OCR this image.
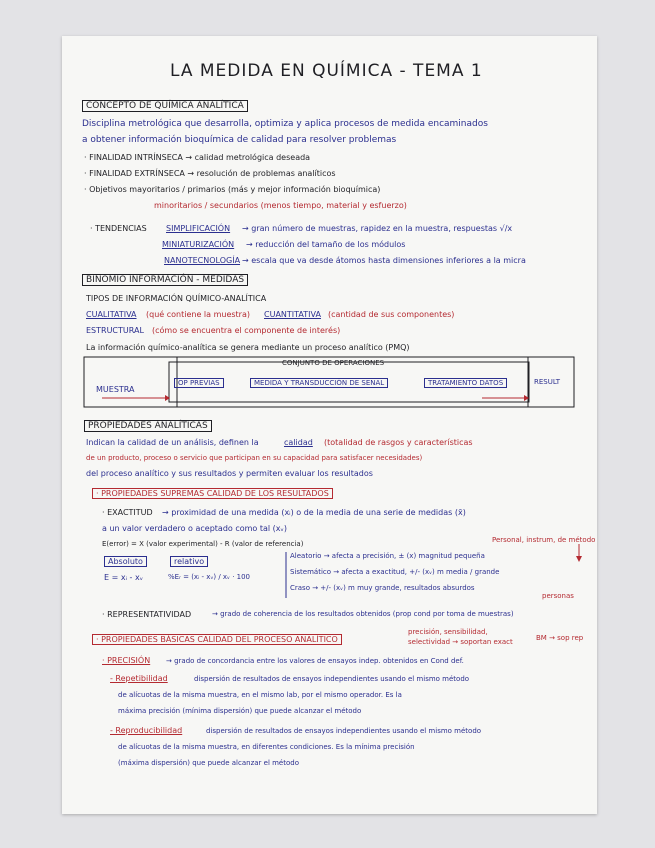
LA MEDIDA EN QUÍMICA - TEMA 1
CONCEPTO DE QUÍMICA ANALÍTICA
Disciplina metrológica que desarrolla, optimiza y aplica procesos de medida encaminados
a obtener información bioquímica de calidad para resolver problemas
· FINALIDAD INTRÍNSECA → calidad metrológica deseada
· FINALIDAD EXTRÍNSECA → resolución de problemas analíticos
· Objetivos mayoritarios / primarios (más y mejor información bioquímica)
minoritarios / secundarios (menos tiempo, material y esfuerzo)
· TENDENCIAS SIMPLIFICACIÓN → gran número de muestras, rapidez en la muestra, respuestas √/x
MINIATURIZACIÓN → reducción del tamaño de los módulos
NANOTECNOLOGÍA → escala que va desde átomos hasta dimensiones inferiores a la micra
BINOMIO INFORMACIÓN - MEDIDAS
TIPOS DE INFORMACIÓN QUÍMICO-ANALÍTICA
CUALITATIVA (qué contiene la muestra) CUANTITATIVA (cantidad de sus componentes)
ESTRUCTURAL (cómo se encuentra el componente de interés)
La información químico-analítica se genera mediante un proceso analítico (PMQ)
CONJUNTO DE OPERACIONES
MUESTRA
OP PREVIAS	MEDIDA Y TRANSDUCCIÓN DE SEÑAL	TRATAMIENTO DATOS	RESULT
PROPIEDADES ANALÍTICAS
Indican la calidad de un análisis, definen la	calidad (totalidad de rasgos y características
de un producto, proceso o servicio que participan en su capacidad para satisfacer necesidades)
del proceso analítico y sus resultados y permiten evaluar los resultados
· PROPIEDADES SUPREMAS CALIDAD DE LOS RESULTADOS
· EXACTITUD → proximidad de una medida (xᵢ) o de la media de una serie de medidas (x̄)
a un valor verdadero o aceptado como tal (xᵥ)
E(error) = X (valor experimental) - R (valor de referencia)
Absoluto
E = xᵢ - xᵥ
relativo
%Eᵣ = (xᵢ - xᵥ) / xᵥ · 100
Aleatorio → afecta a precisión, ± (x) magnitud pequeña
Sistemático → afecta a exactitud, +/- (xᵥ) m media / grande
Craso → +/- (xᵥ) m muy grande, resultados absurdos
Personal, instrum, de método
personas
· REPRESENTATIVIDAD	→ grado de coherencia de los resultados obtenidos (prop cond por toma de muestras)
· PROPIEDADES BÁSICAS CALIDAD DEL PROCESO ANALÍTICO
precisión, sensibilidad,
selectividad → soportan exact	BM → sop rep
· PRECISIÓN → grado de concordancia entre los valores de ensayos indep. obtenidos en Cond def.
- Repetibilidad	dispersión de resultados de ensayos independientes usando el mismo método
de alícuotas de la misma muestra, en el mismo lab, por el mismo operador. Es la
máxima precisión (mínima dispersión) que puede alcanzar el método
- Reproducibilidad	dispersión de resultados de ensayos independientes usando el mismo método
de alícuotas de la misma muestra, en diferentes condiciones. Es la mínima precisión
(máxima dispersión) que puede alcanzar el método
